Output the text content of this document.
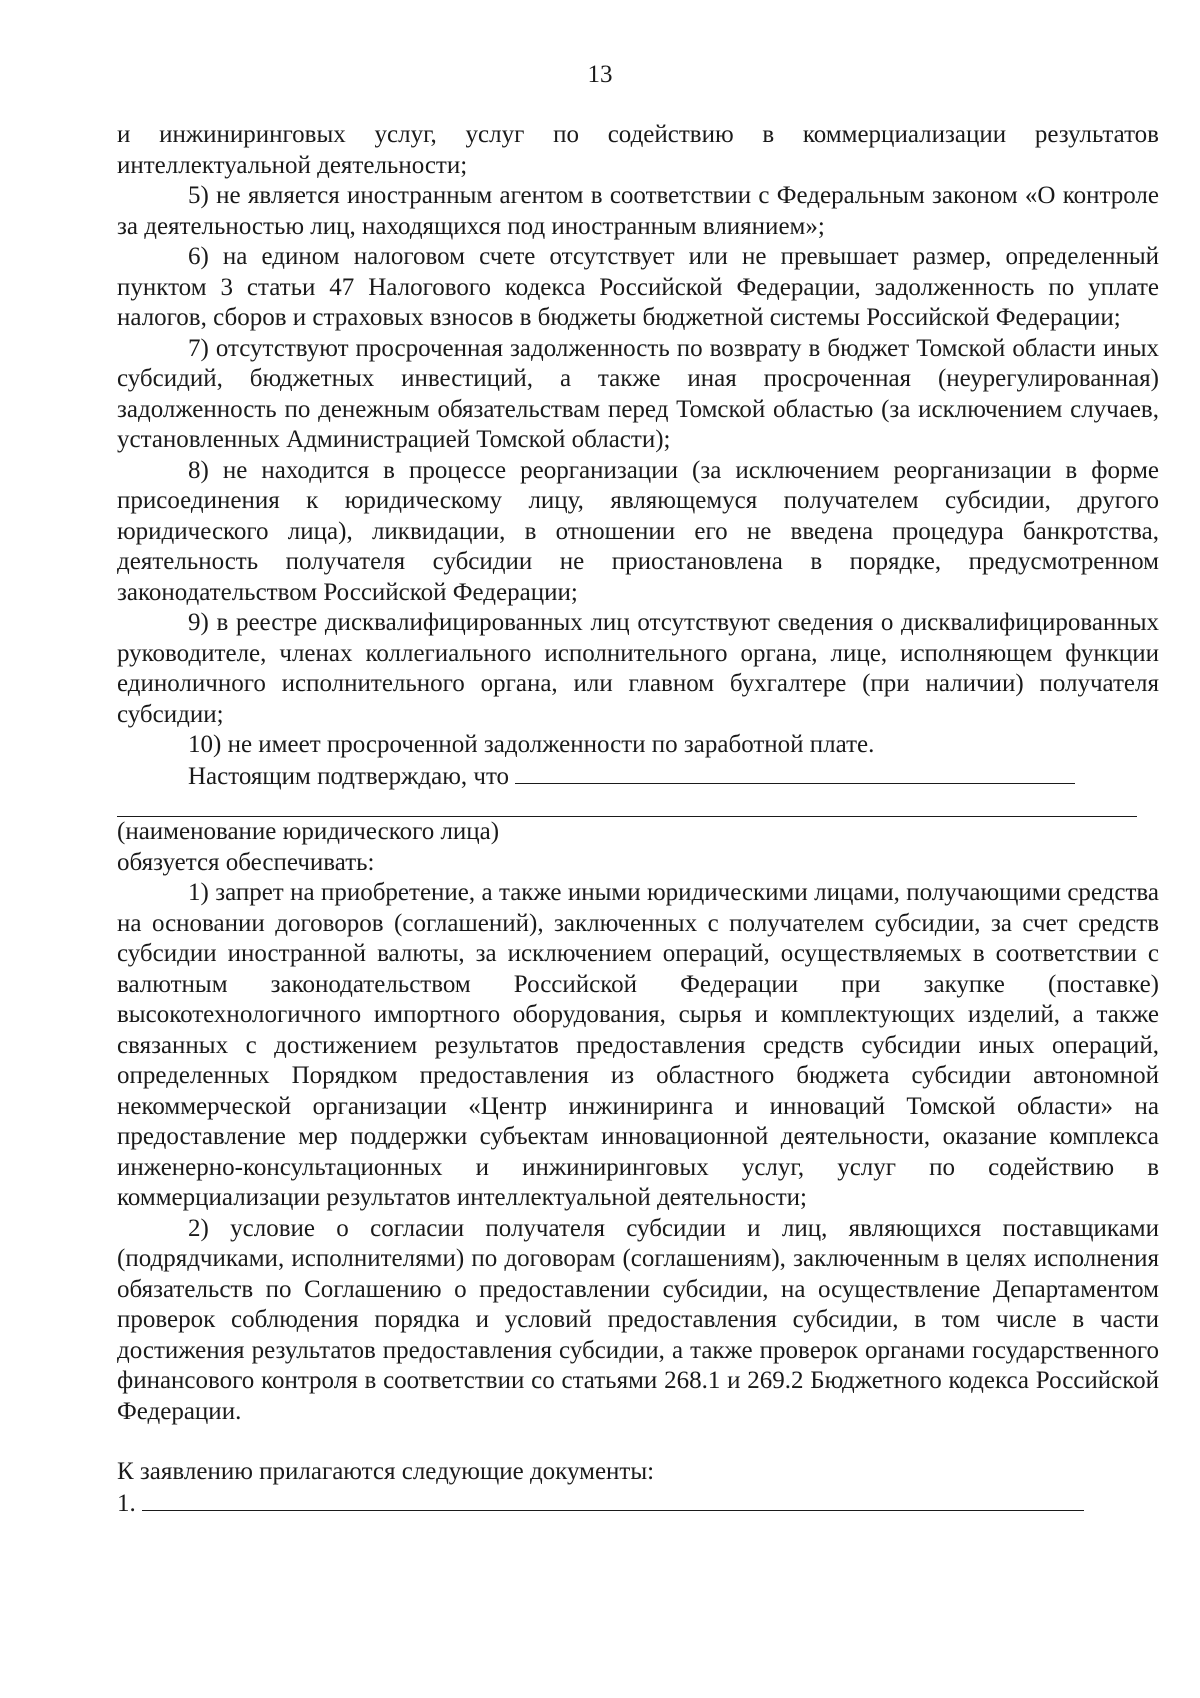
13

и инжиниринговых услуг, услуг по содействию в коммерциализации результатов

интеллектуальной деятельности;

5) не является иностранным агентом в соответствии с Федеральным законом «О контроле за деятельностью лиц, находящихся под иностранным влиянием»;

6) на едином налоговом счете отсутствует или не превышает размер, определенный пунктом 3 статьи 47 Налогового кодекса Российской Федерации, задолженность по уплате налогов, сборов и страховых взносов в бюджеты бюджетной системы Российской Федерации;

7) отсутствуют просроченная задолженность по возврату в бюджет Томской области иных субсидий, бюджетных инвестиций, а также иная просроченная (неурегулированная) задолженность по денежным обязательствам перед Томской областью (за исключением случаев, установленных Администрацией Томской области);

8) не находится в процессе реорганизации (за исключением реорганизации в форме присоединения к юридическому лицу, являющемуся получателем субсидии, другого юридического лица), ликвидации, в отношении его не введена процедура банкротства, деятельность получателя субсидии не приостановлена в порядке, предусмотренном законодательством Российской Федерации;

9) в реестре дисквалифицированных лиц отсутствуют сведения о дисквалифицированных руководителе, членах коллегиального исполнительного органа, лице, исполняющем функции единоличного исполнительного органа, или главном бухгалтере (при наличии) получателя субсидии;

10) не имеет просроченной задолженности по заработной плате.

Настоящим подтверждаю, что

(наименование юридического лица)

обязуется обеспечивать:

1) запрет на приобретение, а также иными юридическими лицами, получающими средства на основании договоров (соглашений), заключенных с получателем субсидии, за счет средств субсидии иностранной валюты, за исключением операций, осуществляемых в соответствии с валютным законодательством Российской Федерации при закупке (поставке) высокотехнологичного импортного оборудования, сырья и комплектующих изделий, а также связанных с достижением результатов предоставления средств субсидии иных операций, определенных Порядком предоставления из областного бюджета субсидии автономной некоммерческой организации «Центр инжиниринга и инноваций Томской области» на предоставление мер поддержки субъектам инновационной деятельности, оказание комплекса инженерно-консультационных и инжиниринговых услуг, услуг по содействию в коммерциализации результатов интеллектуальной деятельности;

2) условие о согласии получателя субсидии и лиц, являющихся поставщиками (подрядчиками, исполнителями) по договорам (соглашениям), заключенным в целях исполнения обязательств по Соглашению о предоставлении субсидии, на осуществление Департаментом проверок соблюдения порядка и условий предоставления субсидии, в том числе в части достижения результатов предоставления субсидии, а также проверок органами государственного финансового контроля в соответствии со статьями 268.1 и 269.2 Бюджетного кодекса Российской Федерации.

К заявлению прилагаются следующие документы:

1.
